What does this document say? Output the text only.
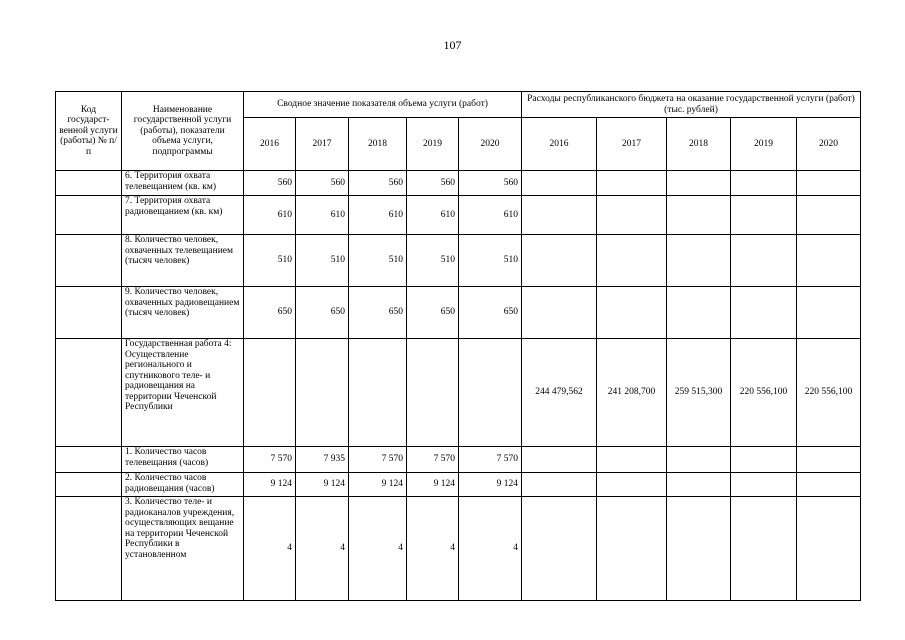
107
Код государст-венной услуги (работы) № п/п	Наименование государственной услуги (работы), показатели объема услуги, подпрограммы	Сводное значение показателя объема услуги (работ)					Расходы республиканского бюджета на оказание государственной услуги (работ) (тыс. рублей)				
		2016	2017	2018	2019	2020	2016	2017	2018	2019	2020
	6. Территория охвата телевещанием (кв. км)	560	560	560	560	560					
	7. Территория охвата радиовещанием (кв. км)	610	610	610	610	610					
	8. Количество человек, охваченных телевещанием (тысяч человек)	510	510	510	510	510					
	9. Количество человек, охваченных радиовещанием (тысяч человек)	650	650	650	650	650					
	Государственная работа 4: Осуществление регионального и спутникового теле- и радиовещания на территории Чеченской Республики						244 479,562	241 208,700	259 515,300	220 556,100	220 556,100
	1. Количество часов телевещания (часов)	7 570	7 935	7 570	7 570	7 570					
	2. Количество часов радиовещания (часов)	9 124	9 124	9 124	9 124	9 124					
	3. Количество теле- и радиоканалов учреждения, осуществляющих вещание на территории Чеченской Республики в установленном	4	4	4	4	4					
